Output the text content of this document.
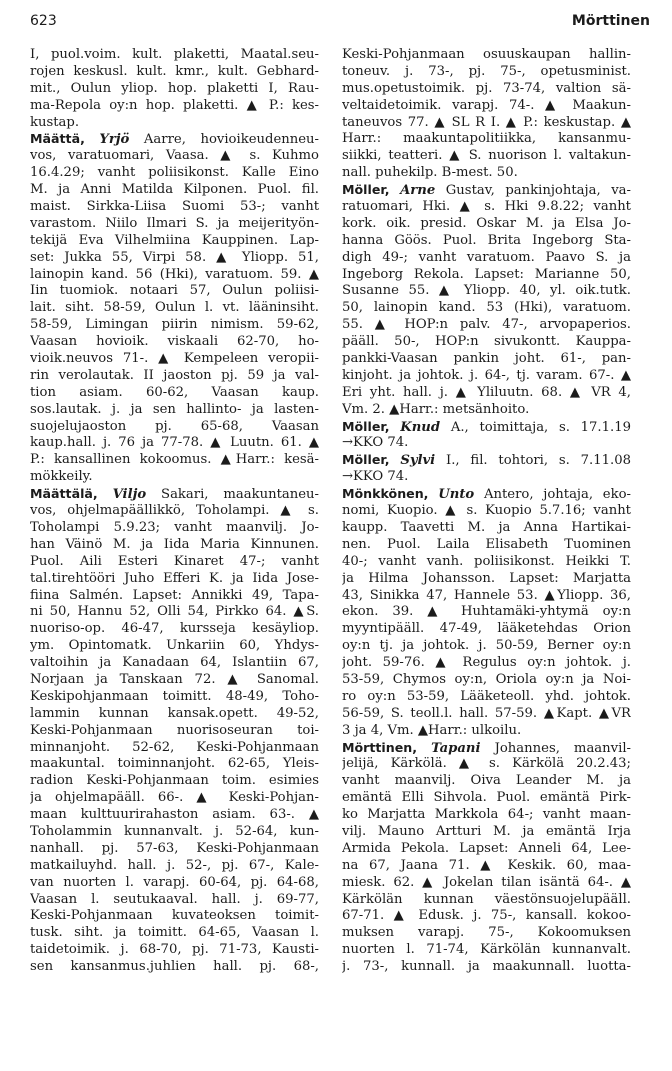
623	Mörttinen
I, puol.voim. kult. plaketti, Maatal.seu-
rojen keskusl. kult. kmr., kult. Gebhard-
mit., Oulun yliop. hop. plaketti I, Rau-
ma-Repola oy:n hop. plaketti. ▲ P.: kes-
kustap.
Määttä, Yrjö Aarre, hovioikeudenneu-
vos, varatuomari, Vaasa. ▲ s. Kuhmo
16.4.29; vanht poliisikonst. Kalle Eino
M. ja Anni Matilda Kilponen. Puol. fil.
maist. Sirkka-Liisa Suomi 53-; vanht
varastom. Niilo Ilmari S. ja meijerityön-
tekijä Eva Vilhelmiina Kauppinen. Lap-
set: Jukka 55, Virpi 58. ▲ Yliopp. 51,
lainopin kand. 56 (Hki), varatuom. 59. ▲
Iin tuomiok. notaari 57, Oulun poliisi-
lait. siht. 58-59, Oulun l. vt. lääninsiht.
58-59, Limingan piirin nimism. 59-62,
Vaasan hovioik. viskaali 62-70, ho-
vioik.neuvos 71-. ▲ Kempeleen veropii-
rin verolautak. II jaoston pj. 59 ja val-
tion asiam. 60-62, Vaasan kaup.
sos.lautak. j. ja sen hallinto- ja lasten-
suojelujaoston pj. 65-68, Vaasan
kaup.hall. j. 76 ja 77-78. ▲ Luutn. 61. ▲
P.: kansallinen kokoomus. ▲Harr.: kesä-
mökkeily.
Määttälä, Viljo Sakari, maakuntaneu-
vos, ohjelmapäällikkö, Toholampi. ▲ s.
Toholampi 5.9.23; vanht maanvilj. Jo-
han Väinö M. ja Iida Maria Kinnunen.
Puol. Aili Esteri Kinaret 47-; vanht
tal.tirehtööri Juho Efferi K. ja Iida Jose-
fiina Salmén. Lapset: Annikki 49, Tapa-
ni 50, Hannu 52, Olli 54, Pirkko 64. ▲S.
nuoriso-op. 46-47, kursseja kesäyliop.
ym. Opintomatk. Unkariin 60, Yhdys-
valtoihin ja Kanadaan 64, Islantiin 67,
Norjaan ja Tanskaan 72. ▲ Sanomal.
Keskipohjanmaan toimitt. 48-49, Toho-
lammin kunnan kansak.opett. 49-52,
Keski-Pohjanmaan nuorisoseuran toi-
minnanjoht. 52-62, Keski-Pohjanmaan
maakuntal. toiminnanjoht. 62-65, Yleis-
radion Keski-Pohjanmaan toim. esimies
ja ohjelmapääll. 66-. ▲ Keski-Pohjan-
maan kulttuurirahaston asiam. 63-. ▲
Toholammin kunnanvalt. j. 52-64, kun-
nanhall. pj. 57-63, Keski-Pohjanmaan
matkailuyhd. hall. j. 52-, pj. 67-, Kale-
van nuorten l. varapj. 60-64, pj. 64-68,
Vaasan l. seutukaaval. hall. j. 69-77,
Keski-Pohjanmaan kuvateoksen toimit-
tusk. siht. ja toimitt. 64-65, Vaasan l.
taidetoimik. j. 68-70, pj. 71-73, Kausti-
sen kansanmus.juhlien hall. pj. 68-,
Keski-Pohjanmaan osuuskaupan hallin-
toneuv. j. 73-, pj. 75-, opetusminist.
mus.opetustoimik. pj. 73-74, valtion sä-
veltaidetoimik. varapj. 74-. ▲ Maakun-
taneuvos 77. ▲ SL R I. ▲ P.: keskustap. ▲
Harr.: maakuntapolitiikka, kansanmu-
siikki, teatteri. ▲ S. nuorison l. valtakun-
nall. puhekilp. B-mest. 50.
Möller, Arne Gustav, pankinjohtaja, va-
ratuomari, Hki. ▲ s. Hki 9.8.22; vanht
kork. oik. presid. Oskar M. ja Elsa Jo-
hanna Göös. Puol. Brita Ingeborg Sta-
digh 49-; vanht varatuom. Paavo S. ja
Ingeborg Rekola. Lapset: Marianne 50,
Susanne 55. ▲ Yliopp. 40, yl. oik.tutk.
50, lainopin kand. 53 (Hki), varatuom.
55. ▲ HOP:n palv. 47-, arvopaperios.
pääll. 50-, HOP:n sivukontt. Kauppa-
pankki-Vaasan pankin joht. 61-, pan-
kinjoht. ja johtok. j. 64-, tj. varam. 67-. ▲
Eri yht. hall. j. ▲ Yliluutn. 68. ▲ VR 4,
Vm. 2. ▲Harr.: metsänhoito.
Möller, Knud A., toimittaja, s. 17.1.19
→KKO 74.
Möller, Sylvi I., fil. tohtori, s. 7.11.08
→KKO 74.
Mönkkönen, Unto Antero, johtaja, eko-
nomi, Kuopio. ▲ s. Kuopio 5.7.16; vanht
kaupp. Taavetti M. ja Anna Hartikai-
nen. Puol. Laila Elisabeth Tuominen
40-; vanht vanh. poliisikonst. Heikki T.
ja Hilma Johansson. Lapset: Marjatta
43, Sinikka 47, Hannele 53. ▲Yliopp. 36,
ekon. 39. ▲ Huhtamäki-yhtymä oy:n
myyntipääll. 47-49, lääketehdas Orion
oy:n tj. ja johtok. j. 50-59, Berner oy:n
joht. 59-76. ▲ Regulus oy:n johtok. j.
53-59, Chymos oy:n, Oriola oy:n ja Noi-
ro oy:n 53-59, Lääketeoll. yhd. johtok.
56-59, S. teoll.l. hall. 57-59. ▲Kapt. ▲VR
3 ja 4, Vm. ▲Harr.: ulkoilu.
Mörttinen, Tapani Johannes, maanvil-
jelijä, Kärkölä. ▲ s. Kärkölä 20.2.43;
vanht maanvilj. Oiva Leander M. ja
emäntä Elli Sihvola. Puol. emäntä Pirk-
ko Marjatta Markkola 64-; vanht maan-
vilj. Mauno Artturi M. ja emäntä Irja
Armida Pekola. Lapset: Anneli 64, Lee-
na 67, Jaana 71. ▲ Keskik. 60, maa-
miesk. 62. ▲ Jokelan tilan isäntä 64-. ▲
Kärkölän kunnan väestönsuojelupääll.
67-71. ▲ Edusk. j. 75-, kansall. kokoo-
muksen varapj. 75-, Kokoomuksen
nuorten l. 71-74, Kärkölän kunnanvalt.
j. 73-, kunnall. ja maakunnall. luotta-
